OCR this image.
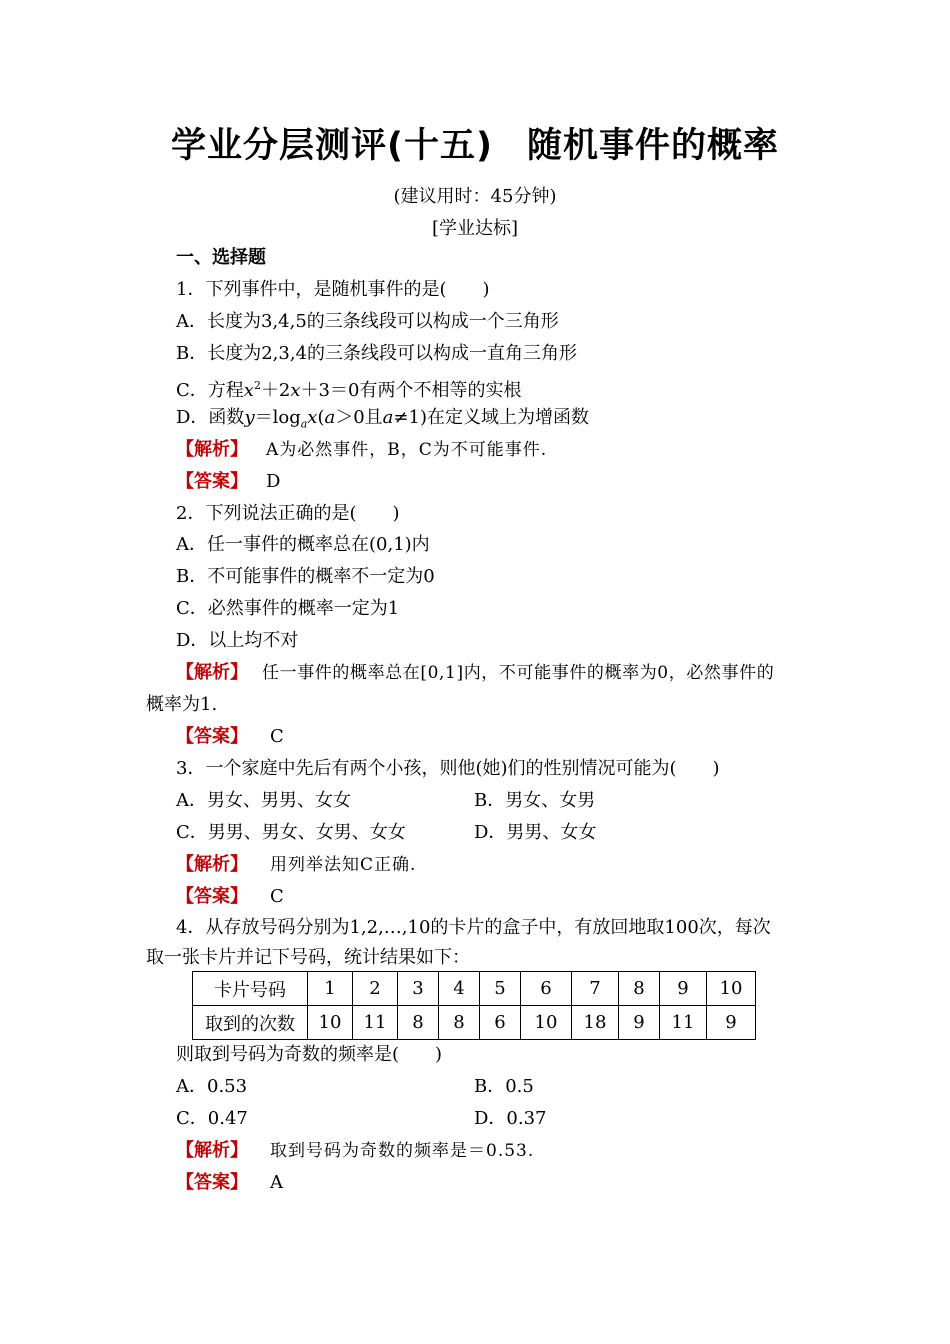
学业分层测评(十五) 随机事件的概率
(建议用时：45分钟)
[学业达标]
一、选择题
1．下列事件中，是随机事件的是(　　)
A．长度为3,4,5的三条线段可以构成一个三角形
B．长度为2,3,4的三条线段可以构成一直角三角形
C．方程$x^2+2x+3=0$有两个不相等的实根
D．函数$y=\log_ax(a>0$且a≠1)在定义域上为增函数
【解析】 A为必然事件，B，C为不可能事件.
【答案】 D
2．下列说法正确的是(　　)
A．任一事件的概率总在(0,1)内
B．不可能事件的概率不一定为0
C．必然事件的概率一定为1
D．以上均不对
【解析】 任一事件的概率总在[0,1]内，不可能事件的概率为0，必然事件的
概率为1.
【答案】 C
3．一个家庭中先后有两个小孩，则他(她)们的性别情况可能为(　　)
A．男女、男男、女女	B．男女、女男
C．男男、男女、女男、女女	D．男男、女女
【解析】 用列举法知C正确.
【答案】 C
4．从存放号码分别为1,2,…,10的卡片的盒子中，有放回地取100次，每次
取一张卡片并记下号码，统计结果如下：
卡片号码	1	2	3	4	5	6	7	8	9	10
取到的次数	10	11	8	8	6	10	18	9	11	9
则取到号码为奇数的频率是(　　)
A．0.53	B．0.5
C．0.47	D．0.37
【解析】 取到号码为奇数的频率是＝0.53.
【答案】 A
